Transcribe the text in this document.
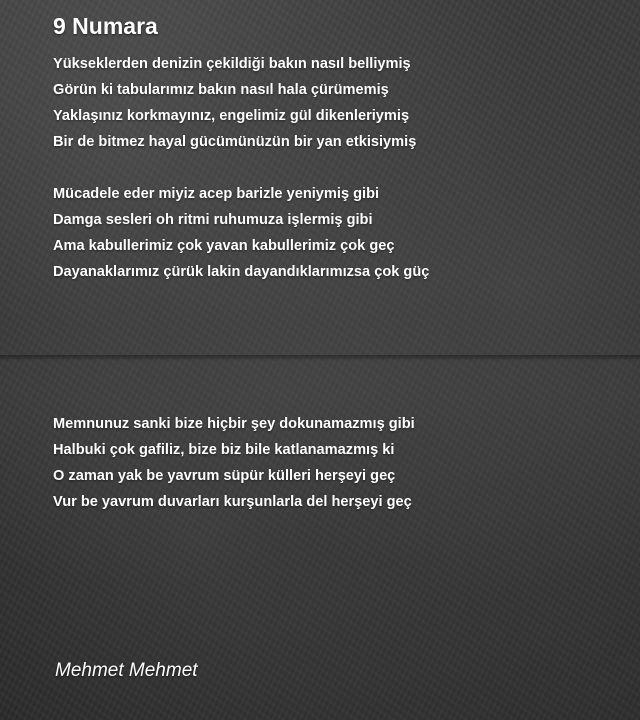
9 Numara
Yükseklerden denizin çekildiği bakın nasıl belliymiş
Görün ki tabularımız bakın nasıl hala çürümemiş
Yaklaşınız korkmayınız, engelimiz gül dikenleriymiş
Bir de bitmez hayal gücümünüzün bir yan etkisiymiş
Mücadele eder miyiz acep barizle yeniymiş gibi
Damga sesleri oh ritmi ruhumuza işlermiş gibi
Ama kabullerimiz çok yavan kabullerimiz çok geç
Dayanaklarımız çürük lakin dayandıklarımızsa çok güç
Memnunuz sanki bize hiçbir şey dokunamazmış gibi
Halbuki çok gafiliz, bize biz bile katlanamazmış ki
O zaman yak be yavrum süpür külleri herşeyi geç
Vur be yavrum duvarları kurşunlarla del herşeyi geç
Mehmet Mehmet
